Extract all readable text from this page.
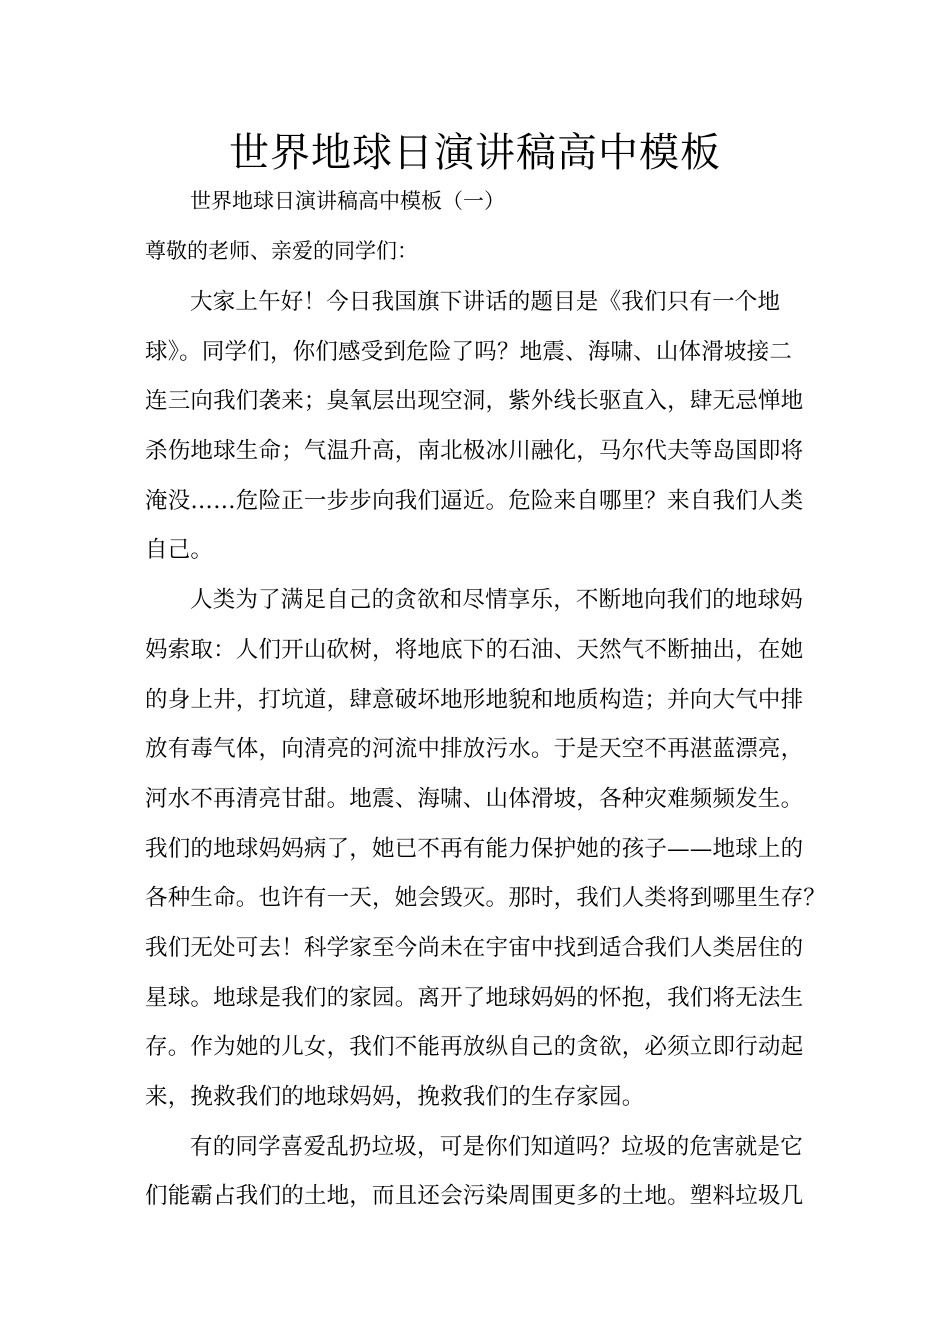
世界地球日演讲稿高中模板
世界地球日演讲稿高中模板（一）
尊敬的老师、亲爱的同学们：
大家上午好！今日我国旗下讲话的题目是《我们只有一个地
球》。同学们，你们感受到危险了吗？地震、海啸、山体滑坡接二
连三向我们袭来；臭氧层出现空洞，紫外线长驱直入，肆无忌惮地
杀伤地球生命；气温升高，南北极冰川融化，马尔代夫等岛国即将
淹没……危险正一步步向我们逼近。危险来自哪里？来自我们人类
自己。
人类为了满足自己的贪欲和尽情享乐，不断地向我们的地球妈
妈索取：人们开山砍树，将地底下的石油、天然气不断抽出，在她
的身上井，打坑道，肆意破坏地形地貌和地质构造；并向大气中排
放有毒气体，向清亮的河流中排放污水。于是天空不再湛蓝漂亮，
河水不再清亮甘甜。地震、海啸、山体滑坡，各种灾难频频发生。
我们的地球妈妈病了，她已不再有能力保护她的孩子——地球上的
各种生命。也许有一天，她会毁灭。那时，我们人类将到哪里生存？
我们无处可去！科学家至今尚未在宇宙中找到适合我们人类居住的
星球。地球是我们的家园。离开了地球妈妈的怀抱，我们将无法生
存。作为她的儿女，我们不能再放纵自己的贪欲，必须立即行动起
来，挽救我们的地球妈妈，挽救我们的生存家园。
有的同学喜爱乱扔垃圾，可是你们知道吗？垃圾的危害就是它
们能霸占我们的土地，而且还会污染周围更多的土地。塑料垃圾几
